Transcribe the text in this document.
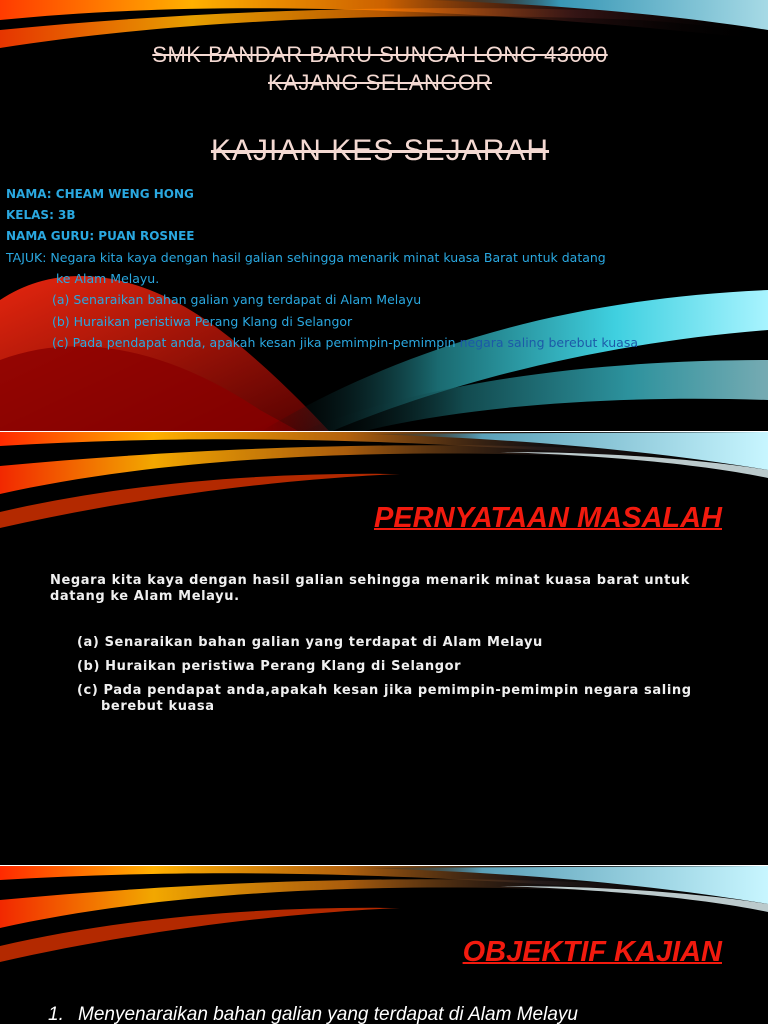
SMK BANDAR BARU SUNGAI LONG 43000

KAJANG SELANGOR

KAJIAN KES SEJARAH

NAMA: CHEAM WENG HONG

KELAS: 3B

NAMA GURU: PUAN ROSNEE

TAJUK: Negara kita kaya dengan hasil galian sehingga menarik minat kuasa Barat untuk datang

ke Alam Melayu.

(a) Senaraikan bahan galian yang terdapat di Alam Melayu

(b) Huraikan peristiwa Perang Klang di Selangor

(c) Pada pendapat anda, apakah kesan jika pemimpin-pemimpin negara saling berebut kuasa

PERNYATAAN MASALAH

Negara kita kaya dengan hasil galian sehingga menarik minat kuasa barat untuk

datang ke Alam Melayu.

(a) Senaraikan bahan galian yang terdapat di Alam Melayu

(b) Huraikan peristiwa Perang Klang di Selangor

(c) Pada pendapat anda,apakah kesan jika pemimpin-pemimpin negara saling

berebut kuasa

OBJEKTIF KAJIAN

1. Menyenaraikan bahan galian yang terdapat di Alam Melayu
